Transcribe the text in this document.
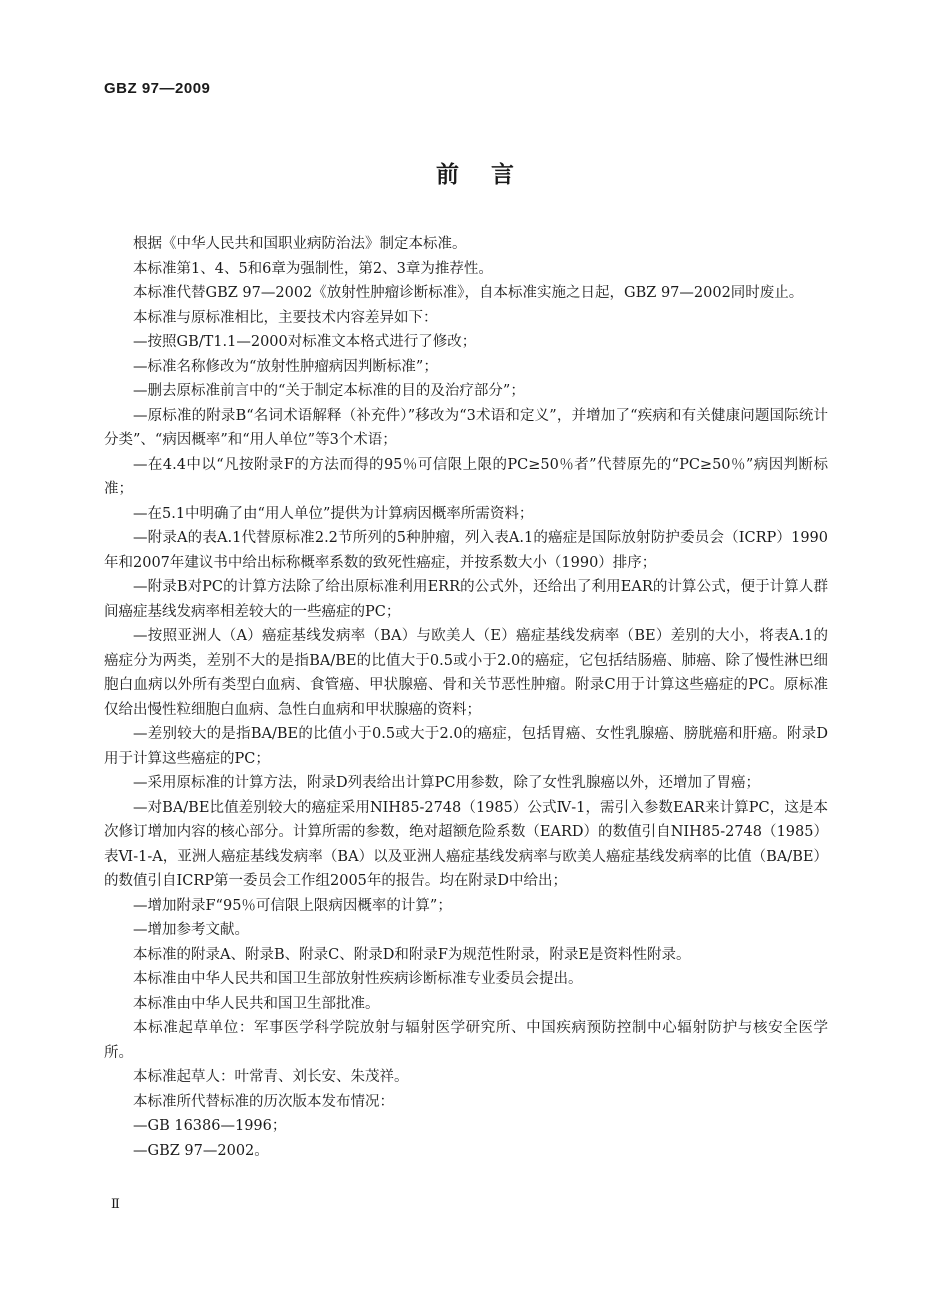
GBZ 97—2009
前言

根据《中华人民共和国职业病防治法》制定本标准。

本标准第1、4、5和6章为强制性，第2、3章为推荐性。

本标准代替GBZ 97—2002《放射性肿瘤诊断标准》，自本标准实施之日起，GBZ 97—2002同时废止。

本标准与原标准相比，主要技术内容差异如下：

—按照GB/T1.1—2000对标准文本格式进行了修改；

—标准名称修改为“放射性肿瘤病因判断标准”；

—删去原标准前言中的“关于制定本标准的目的及治疗部分”；

—原标准的附录B“名词术语解释（补充件）”移改为“3术语和定义”，并增加了“疾病和有关健康问题国际统计分类”、“病因概率”和“用人单位”等3个术语；

—在4.4中以“凡按附录F的方法而得的95％可信限上限的PC≥50％者”代替原先的“PC≥50％”病因判断标准；

—在5.1中明确了由“用人单位”提供为计算病因概率所需资料；

—附录A的表A.1代替原标准2.2节所列的5种肿瘤，列入表A.1的癌症是国际放射防护委员会（ICRP）1990年和2007年建议书中给出标称概率系数的致死性癌症，并按系数大小（1990）排序；

—附录B对PC的计算方法除了给出原标准利用ERR的公式外，还给出了利用EAR的计算公式，便于计算人群间癌症基线发病率相差较大的一些癌症的PC；

—按照亚洲人（A）癌症基线发病率（BA）与欧美人（E）癌症基线发病率（BE）差别的大小，将表A.1的癌症分为两类，差别不大的是指BA/BE的比值大于0.5或小于2.0的癌症，它包括结肠癌、肺癌、除了慢性淋巴细胞白血病以外所有类型白血病、食管癌、甲状腺癌、骨和关节恶性肿瘤。附录C用于计算这些癌症的PC。原标准仅给出慢性粒细胞白血病、急性白血病和甲状腺癌的资料；

—差别较大的是指BA/BE的比值小于0.5或大于2.0的癌症，包括胃癌、女性乳腺癌、膀胱癌和肝癌。附录D用于计算这些癌症的PC；

—采用原标准的计算方法，附录D列表给出计算PC用参数，除了女性乳腺癌以外，还增加了胃癌；

—对BA/BE比值差别较大的癌症采用NIH85-2748（1985）公式Ⅳ-1，需引入参数EAR来计算PC，这是本次修订增加内容的核心部分。计算所需的参数，绝对超额危险系数（EARD）的数值引自NIH85-2748（1985）表Ⅵ-1-A，亚洲人癌症基线发病率（BA）以及亚洲人癌症基线发病率与欧美人癌症基线发病率的比值（BA/BE）的数值引自ICRP第一委员会工作组2005年的报告。均在附录D中给出；

—增加附录F“95％可信限上限病因概率的计算”；

—增加参考文献。

本标准的附录A、附录B、附录C、附录D和附录F为规范性附录，附录E是资料性附录。

本标准由中华人民共和国卫生部放射性疾病诊断标准专业委员会提出。

本标准由中华人民共和国卫生部批准。

本标准起草单位：军事医学科学院放射与辐射医学研究所、中国疾病预防控制中心辐射防护与核安全医学所。

本标准起草人：叶常青、刘长安、朱茂祥。

本标准所代替标准的历次版本发布情况：

—GB 16386—1996；

—GBZ 97—2002。

Ⅱ
